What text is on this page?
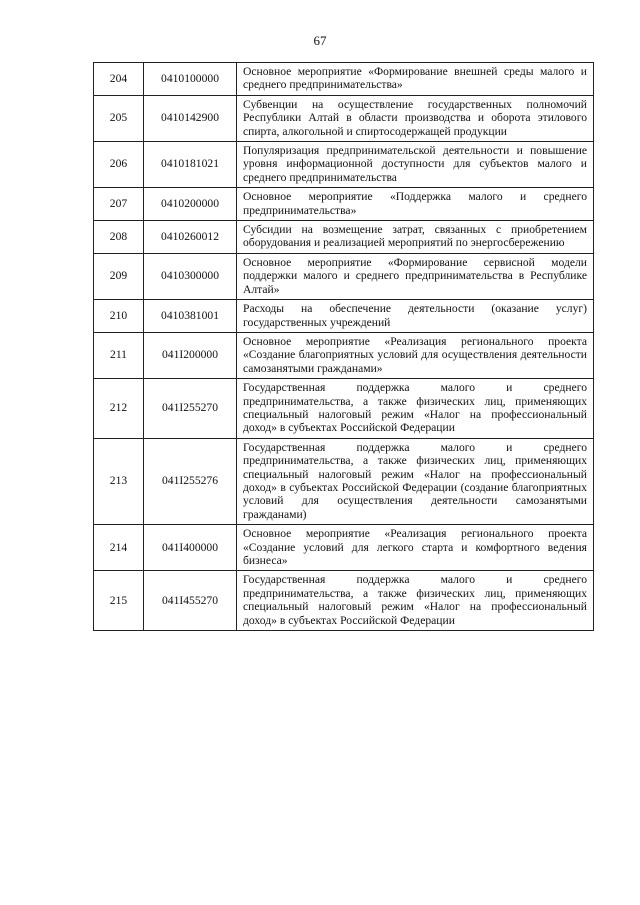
67
204	0410100000	Основное мероприятие «Формирование внешней среды малого и среднего предпринимательства»
205	0410142900	Субвенции на осуществление государственных полномочий Республики Алтай в области производства и оборота этилового спирта, алкогольной и спиртосодержащей продукции
206	0410181021	Популяризация предпринимательской деятельности и повышение уровня информационной доступности для субъектов малого и среднего предпринимательства
207	0410200000	Основное мероприятие «Поддержка малого и среднего предпринимательства»
208	0410260012	Субсидии на возмещение затрат, связанных с приобретением оборудования и реализацией мероприятий по энергосбережению
209	0410300000	Основное мероприятие «Формирование сервисной модели поддержки малого и среднего предпринимательства в Республике Алтай»
210	0410381001	Расходы на обеспечение деятельности (оказание услуг) государственных учреждений
211	041I200000	Основное мероприятие «Реализация регионального проекта «Создание благоприятных условий для осуществления деятельности самозанятыми гражданами»
212	041I255270	Государственная поддержка малого и среднего предпринимательства, а также физических лиц, применяющих специальный налоговый режим «Налог на профессиональный доход» в субъектах Российской Федерации
213	041I255276	Государственная поддержка малого и среднего предпринимательства, а также физических лиц, применяющих специальный налоговый режим «Налог на профессиональный доход» в субъектах Российской Федерации (создание благоприятных условий для осуществления деятельности самозанятыми гражданами)
214	041I400000	Основное мероприятие «Реализация регионального проекта «Создание условий для легкого старта и комфортного ведения бизнеса»
215	041I455270	Государственная поддержка малого и среднего предпринимательства, а также физических лиц, применяющих специальный налоговый режим «Налог на профессиональный доход» в субъектах Российской Федерации
